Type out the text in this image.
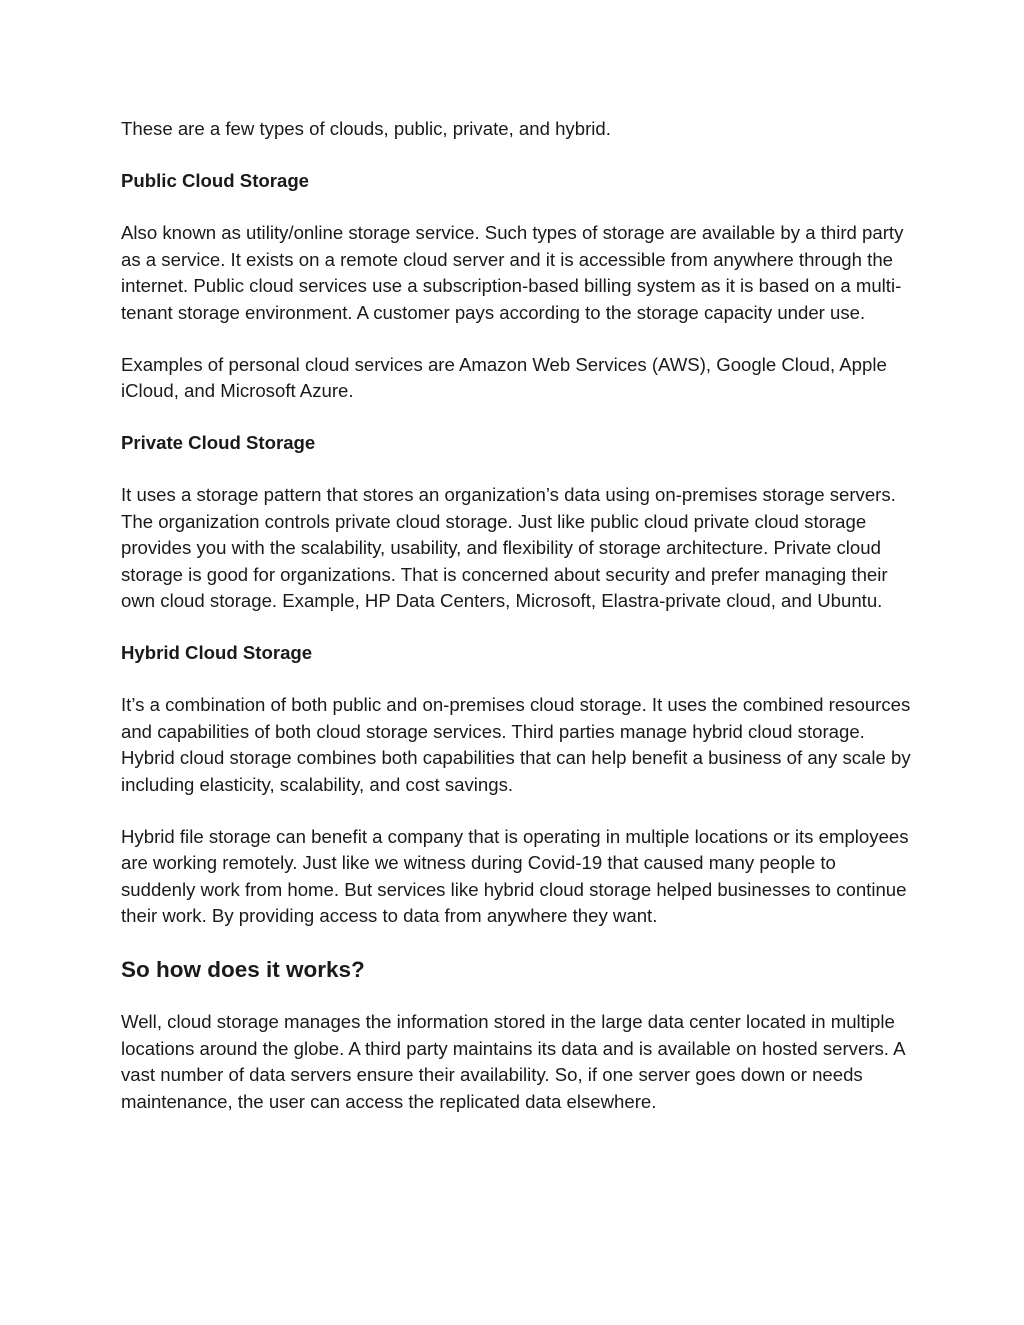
These are a few types of clouds, public, private, and hybrid.

Public Cloud Storage

Also known as utility/online storage service. Such types of storage are available by a third party as a service. It exists on a remote cloud server and it is accessible from anywhere through the internet. Public cloud services use a subscription-based billing system as it is based on a multi-tenant storage environment. A customer pays according to the storage capacity under use.

Examples of personal cloud services are Amazon Web Services (AWS), Google Cloud, Apple iCloud, and Microsoft Azure.

Private Cloud Storage

It uses a storage pattern that stores an organization’s data using on-premises storage servers. The organization controls private cloud storage. Just like public cloud private cloud storage provides you with the scalability, usability, and flexibility of storage architecture. Private cloud storage is good for organizations. That is concerned about security and prefer managing their own cloud storage. Example, HP Data Centers, Microsoft, Elastra-private cloud, and Ubuntu.

Hybrid Cloud Storage

It’s a combination of both public and on-premises cloud storage. It uses the combined resources and capabilities of both cloud storage services. Third parties manage hybrid cloud storage. Hybrid cloud storage combines both capabilities that can help benefit a business of any scale by including elasticity, scalability, and cost savings.

Hybrid file storage can benefit a company that is operating in multiple locations or its employees are working remotely. Just like we witness during Covid-19 that caused many people to suddenly work from home. But services like hybrid cloud storage helped businesses to continue their work. By providing access to data from anywhere they want.

So how does it works?

Well, cloud storage manages the information stored in the large data center located in multiple locations around the globe. A third party maintains its data and is available on hosted servers. A vast number of data servers ensure their availability. So, if one server goes down or needs maintenance, the user can access the replicated data elsewhere.
